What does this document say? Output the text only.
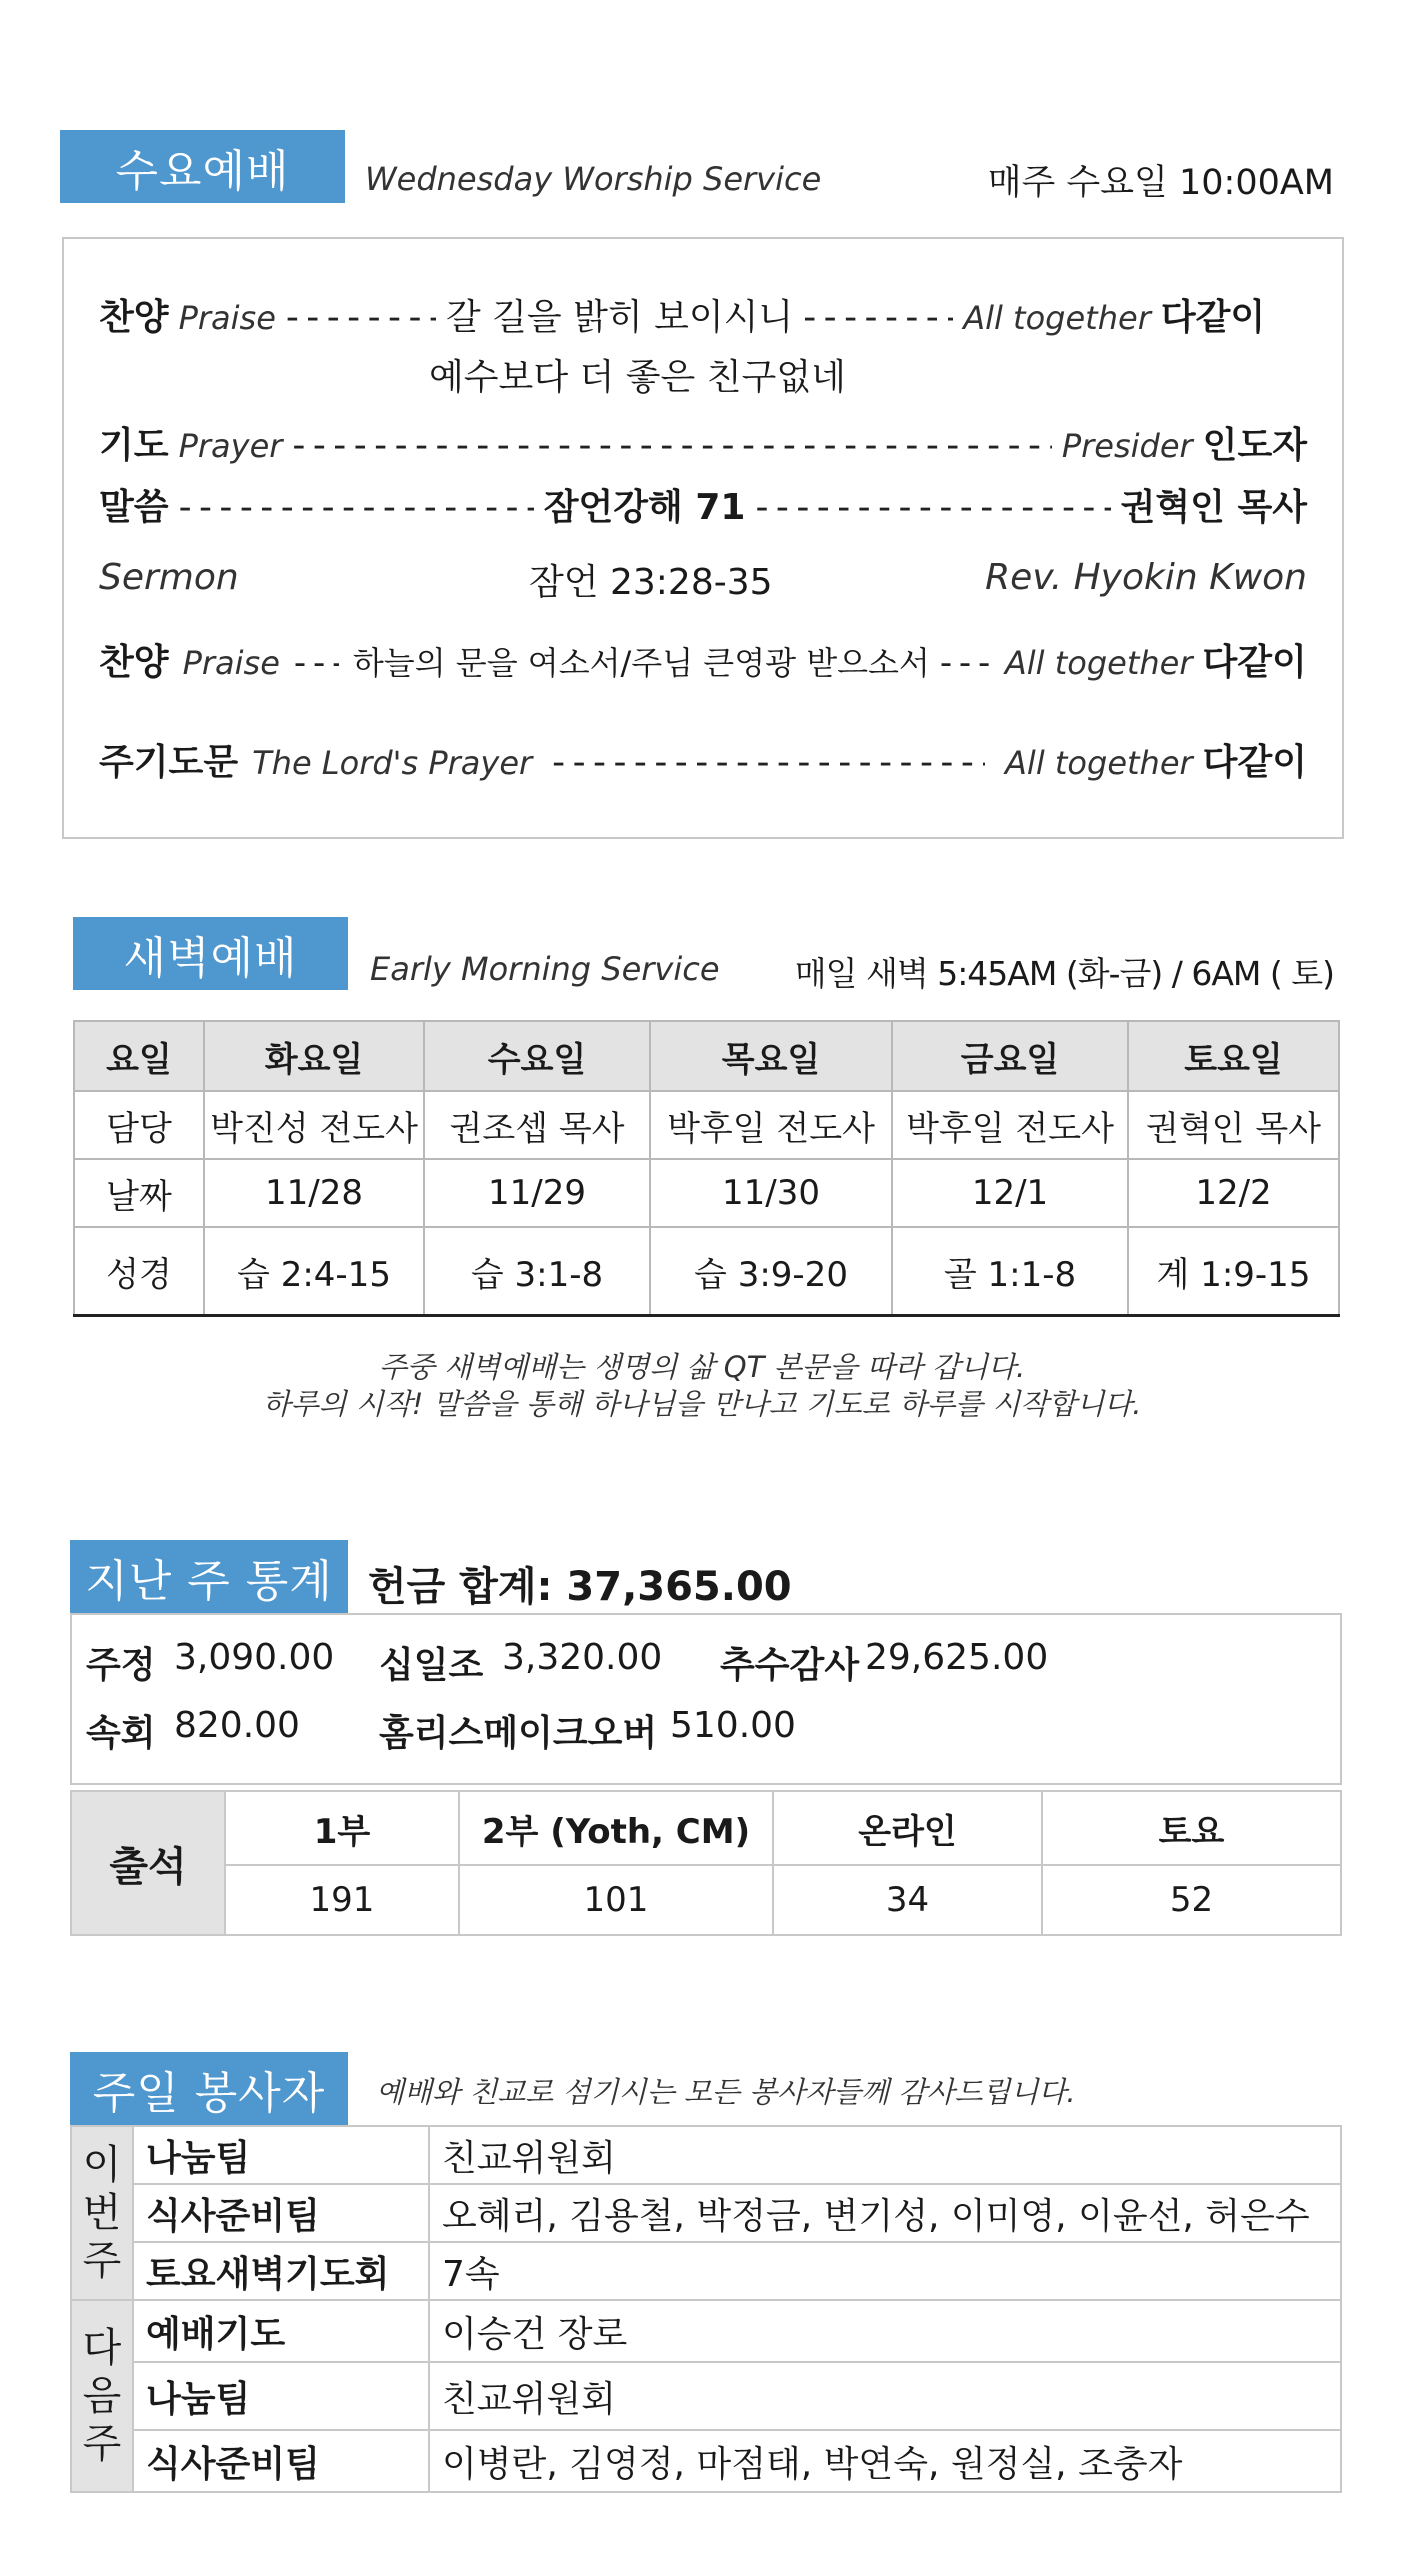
수요예배	Wednesday Worship Service	매주 수요일 10:00AM
찬양 Praise - - -	갈 길을 밝히 보이시니 - - -	All together 다같이
예수보다 더 좋은 친구없네
기도 Prayer - - -	Presider 인도자
말씀 - - -	잠언강해 71 - - -	권혁인 목사
Sermon	잠언 23:28-35	Rev. Hyokin Kwon
찬양 Praise - - - 하늘의 문을 여소서/주님 큰영광 받으소서 - - - All together 다같이
주기도문 The Lord's Prayer - - -	All together 다같이
새벽예배	Early Morning Service 매일 새벽 5:45AM (화-금) / 6AM ( 토)
요일	화요일	수요일	목요일	금요일	토요일
담당	박진성 전도사	권조셉 목사	박후일 전도사	박후일 전도사	권혁인 목사
날짜	11/28	11/29	11/30	12/1	12/2
성경	습 2:4-15	습 3:1-8	습 3:9-20	골 1:1-8	계 1:9-15
주중 새벽예배는 생명의 삶 QT 본문을 따라 갑니다.
하루의 시작! 말씀을 통해 하나님을 만나고 기도로 하루를 시작합니다.
지난 주 통계 헌금 합계: 37,365.00
주정 3,090.00 십일조 3,320.00 추수감사 29,625.00
속회 820.00 홈리스메이크오버 510.00
출석	1부	2부 (Yoth, CM)	온라인	토요
	191	101	34	52
주일 봉사자	예배와 친교로 섬기시는 모든 봉사자들께 감사드립니다.
이번주	나눔팀	친교위원회
	식사준비팀	오혜리, 김용철, 박정금, 변기성, 이미영, 이윤선, 허은수
	토요새벽기도회	7속
다음주	예배기도	이승건 장로
	나눔팀	친교위원회
	식사준비팀	이병란, 김영정, 마점태, 박연숙, 원정실, 조충자
